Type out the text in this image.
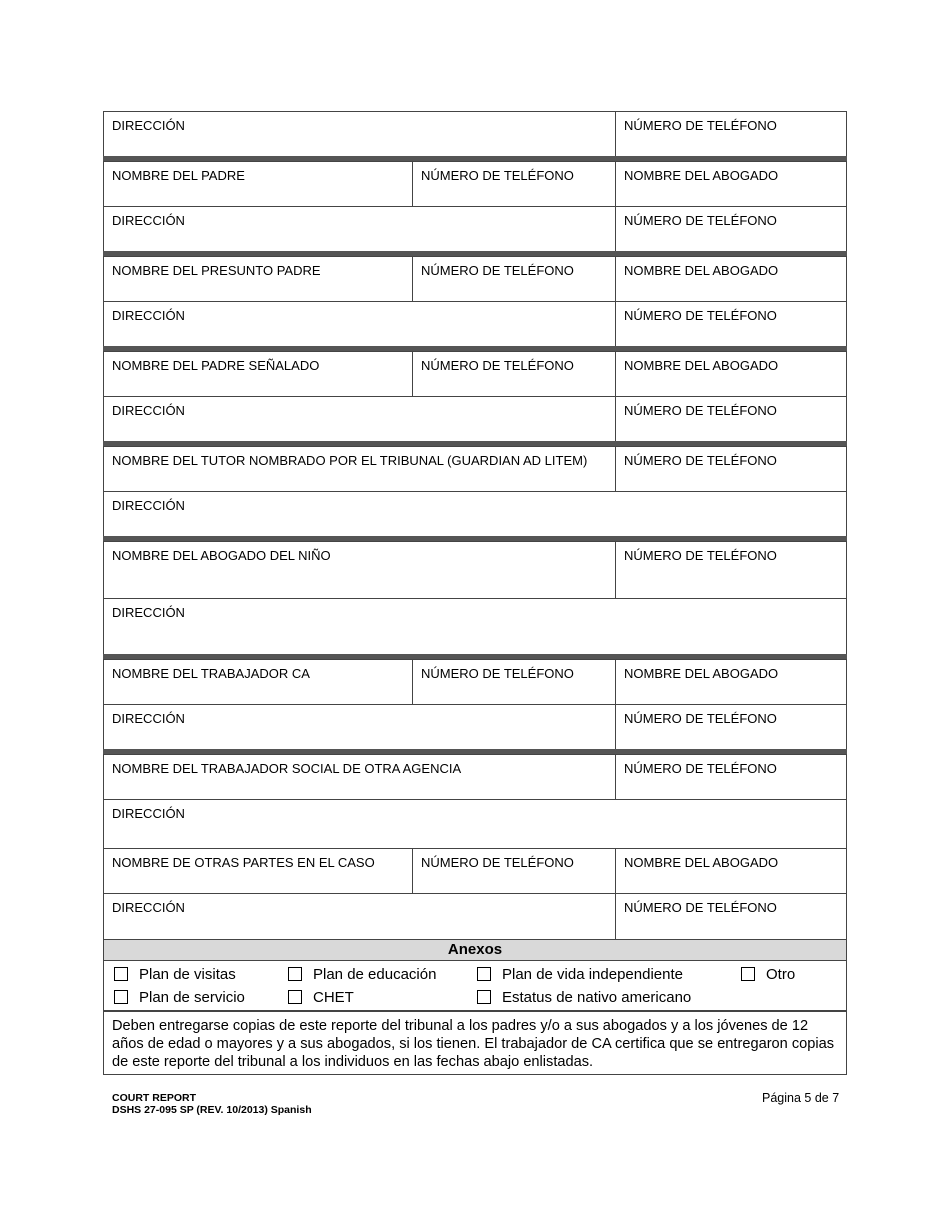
DIRECCIÓN	NÚMERO DE TELÉFONO
NOMBRE DEL PADRE	NÚMERO DE TELÉFONO	NOMBRE DEL ABOGADO
DIRECCIÓN	NÚMERO DE TELÉFONO
NOMBRE DEL PRESUNTO PADRE	NÚMERO DE TELÉFONO	NOMBRE DEL ABOGADO
DIRECCIÓN	NÚMERO DE TELÉFONO
NOMBRE DEL PADRE SEÑALADO	NÚMERO DE TELÉFONO	NOMBRE DEL ABOGADO
DIRECCIÓN	NÚMERO DE TELÉFONO
NOMBRE DEL TUTOR NOMBRADO POR EL TRIBUNAL (GUARDIAN AD LITEM)	NÚMERO DE TELÉFONO
DIRECCIÓN
NOMBRE DEL ABOGADO DEL NIÑO	NÚMERO DE TELÉFONO
DIRECCIÓN
NOMBRE DEL TRABAJADOR CA	NÚMERO DE TELÉFONO	NOMBRE DEL ABOGADO
DIRECCIÓN	NÚMERO DE TELÉFONO
NOMBRE DEL TRABAJADOR SOCIAL DE OTRA AGENCIA	NÚMERO DE TELÉFONO
DIRECCIÓN
NOMBRE DE OTRAS PARTES EN EL CASO	NÚMERO DE TELÉFONO	NOMBRE DEL ABOGADO
DIRECCIÓN	NÚMERO DE TELÉFONO
Anexos
Plan de visitas	Plan de educación	Plan de vida independiente	Otro
Plan de servicio	CHET	Estatus de nativo americano
Deben entregarse copias de este reporte del tribunal a los padres y/o a sus abogados y a los jóvenes de 12 años de edad o mayores y a sus abogados, si los tienen. El trabajador de CA certifica que se entregaron copias de este reporte del tribunal a los individuos en las fechas abajo enlistadas.
COURT REPORT
DSHS 27-095 SP (REV. 10/2013) Spanish
Página 5 de 7
